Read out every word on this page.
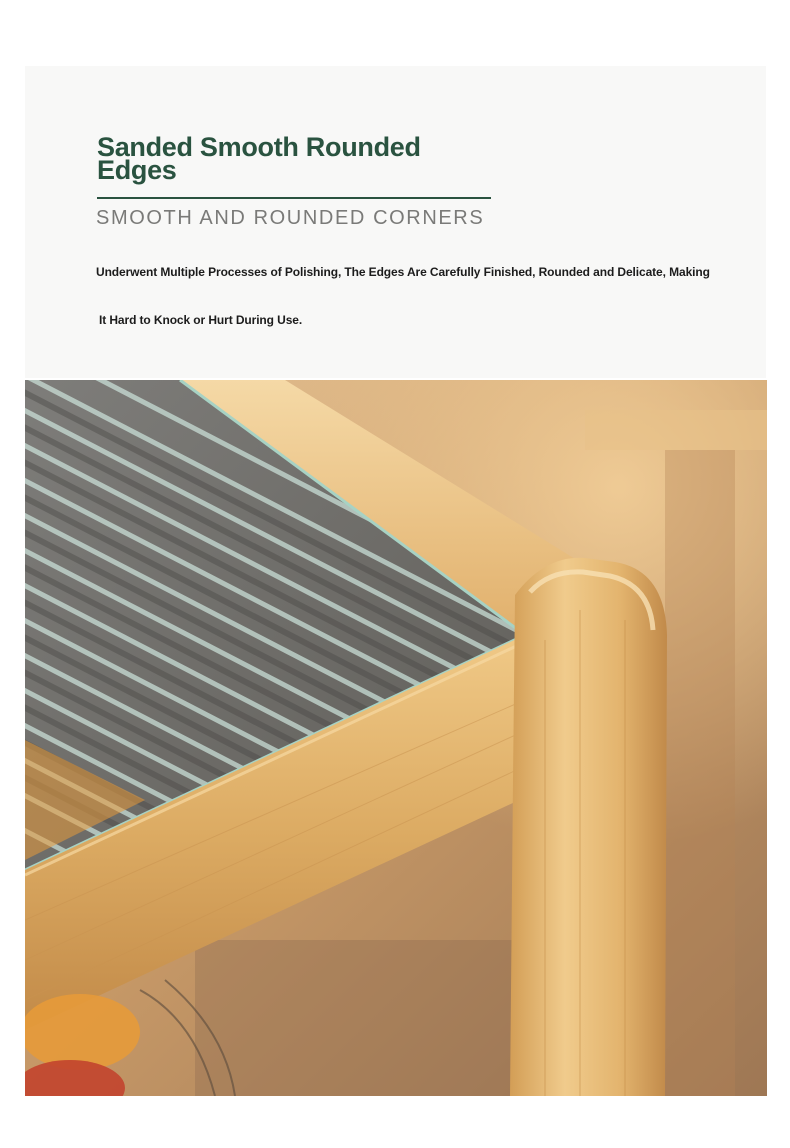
Sanded Smooth Rounded Edges
SMOOTH AND ROUNDED CORNERS
Underwent Multiple Processes of Polishing, The Edges Are Carefully Finished, Rounded and Delicate, Making
It Hard to Knock or Hurt During Use.
